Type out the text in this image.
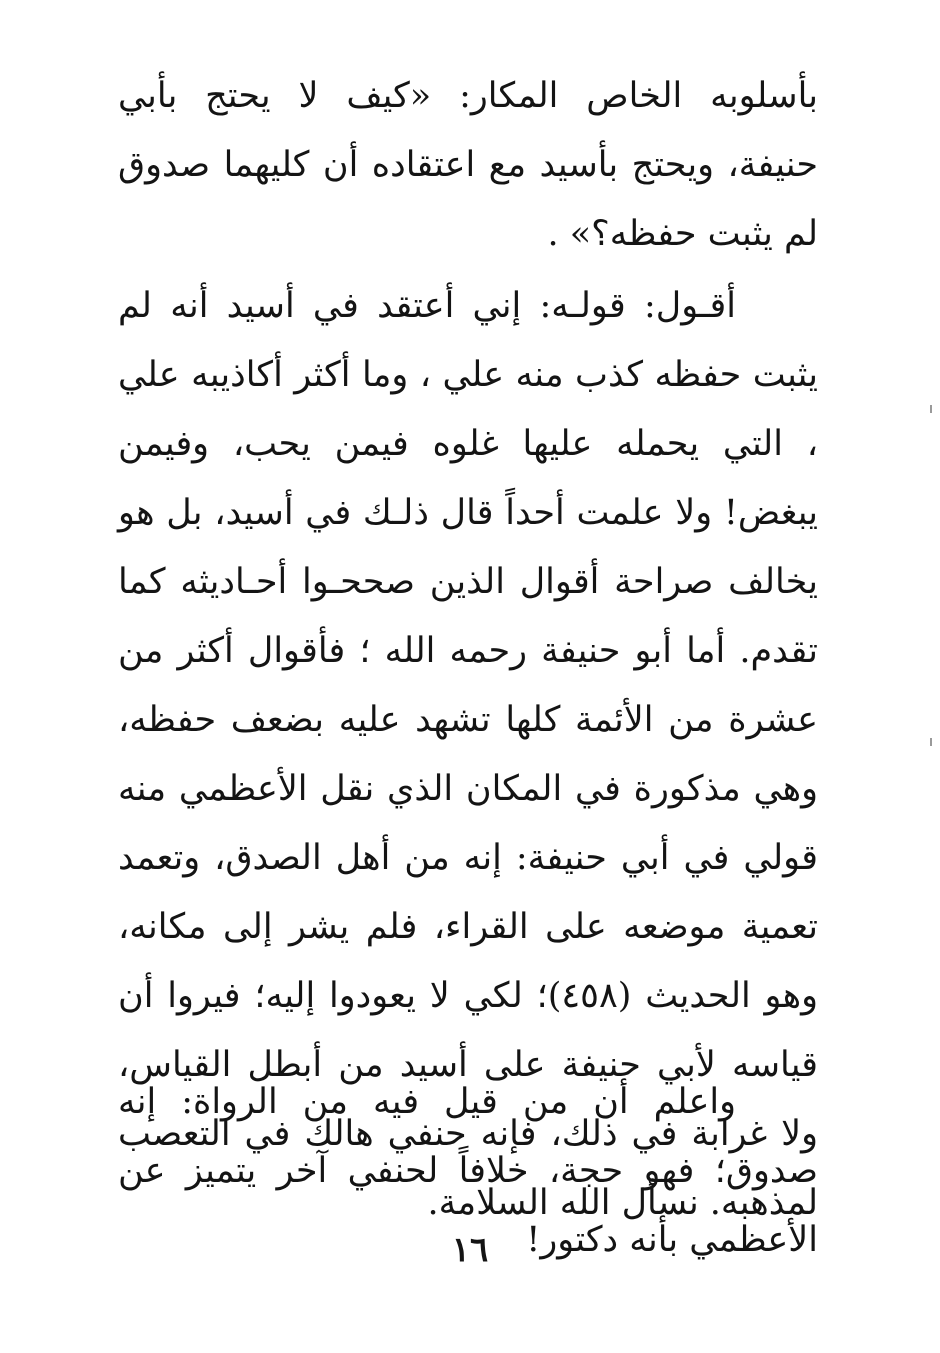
بأسلوبه الخاص المكار: «كيف لا يحتج بأبي حنيفة، ويحتج بأسيد مع اعتقاده أن كليهما صدوق لم يثبت حفظه؟» .

أقـول: قولـه: إني أعتقد في أسيد أنه لم يثبت حفظه كذب منه علي ، وما أكثر أكاذيبه علي ، التي يحمله عليها غلوه فيمن يحب، وفيمن يبغض! ولا علمت أحداً قال ذلـك في أسيد، بل هو يخالف صراحة أقوال الذين صححـوا أحـاديثه كما تقدم. أما أبو حنيفة رحمه الله ؛ فأقوال أكثر من عشرة من الأئمة كلها تشهد عليه بضعف حفظه، وهي مذكورة في المكان الذي نقل الأعظمي منه قولي في أبي حنيفة: إنه من أهل الصدق، وتعمد تعمية موضعه على القراء، فلم يشر إلى مكانه، وهو الحديث (٤٥٨)؛ لكي لا يعودوا إليه؛ فيروا أن قياسه لأبي حنيفة على أسيد من أبطل القياس، ولا غرابة في ذلك، فإنه حنفي هالك في التعصب لمذهبه. نسأل الله السلامة.

واعلم أن من قيل فيه من الرواة: إنه صدوق؛ فهو حجة، خلافاً لحنفي آخر يتميز عن الأعظمي بأنه دكتور!

١٦
